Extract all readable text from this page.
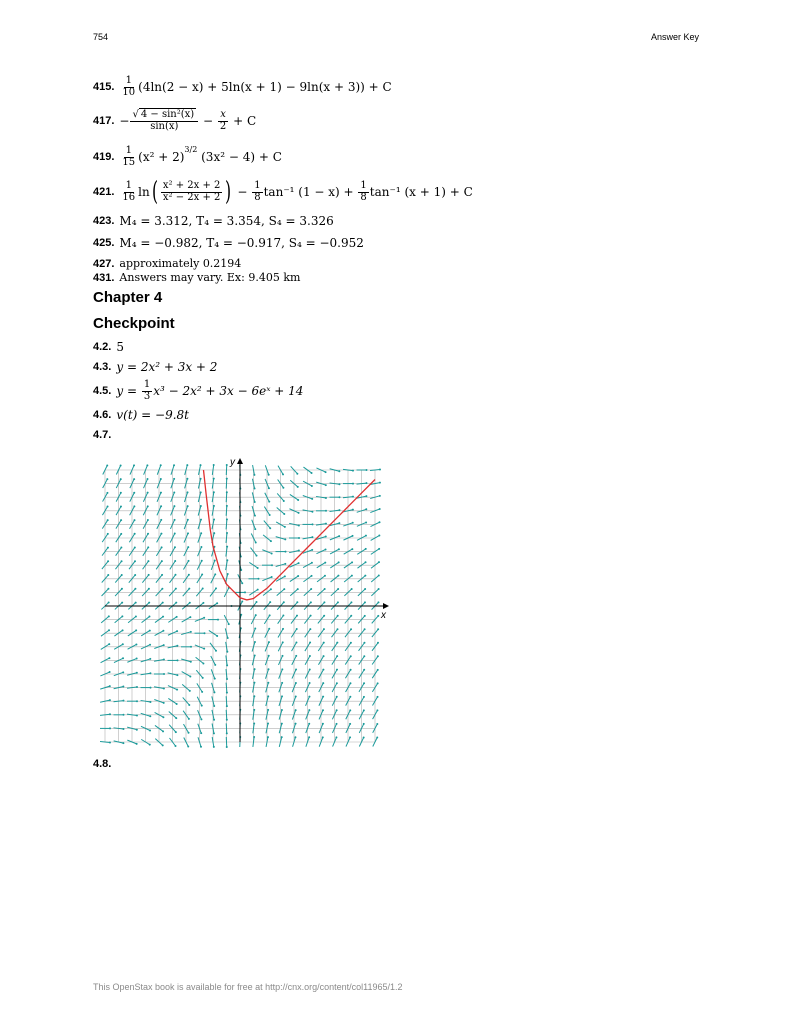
754	Answer Key
415. $\frac{1}{10} (4\ln(2 - x) + 5\ln(x + 1) - 9\ln(x + 3)) + C$
417. − $\frac{\text{√ 4 − sin²(x)}}{\sin(x)} - \frac{x}{2}$
+ C
419. $\frac{1}{15} (x^2 + 2)$
$^{3/2}$

(3x² − 4) + C
421. $\frac{1}{16}$ ln ( $\frac{\text{x² + 2x + 2}}{\text{x² − 2x + 2}}$ ) − $\frac{1}{8} \tan^{-1}$ (1 − x) +
$\frac{1}{8} \tan^{-1}$ (x + 1) + C
423. M₄ = 3.312, T₄ = 3.354, S₄ = 3.326
425. M₄ = −0.982, T₄ = −0.917, S₄ = −0.952
427. approximately 0.2194
431. Answers may vary. Ex: 9.405 km
Chapter 4
Checkpoint
4.2. 5
4.3. y = 2x² + 3x + 2
4.5. y =
$\frac{1}{3} x^3 - 2x^2 + 3x$ − 6eˣ + 14
4.6. v(t) = −9.8t
4.7.
x
y
4.8.
This OpenStax book is available for free at http://cnx.org/content/col11965/1.2
